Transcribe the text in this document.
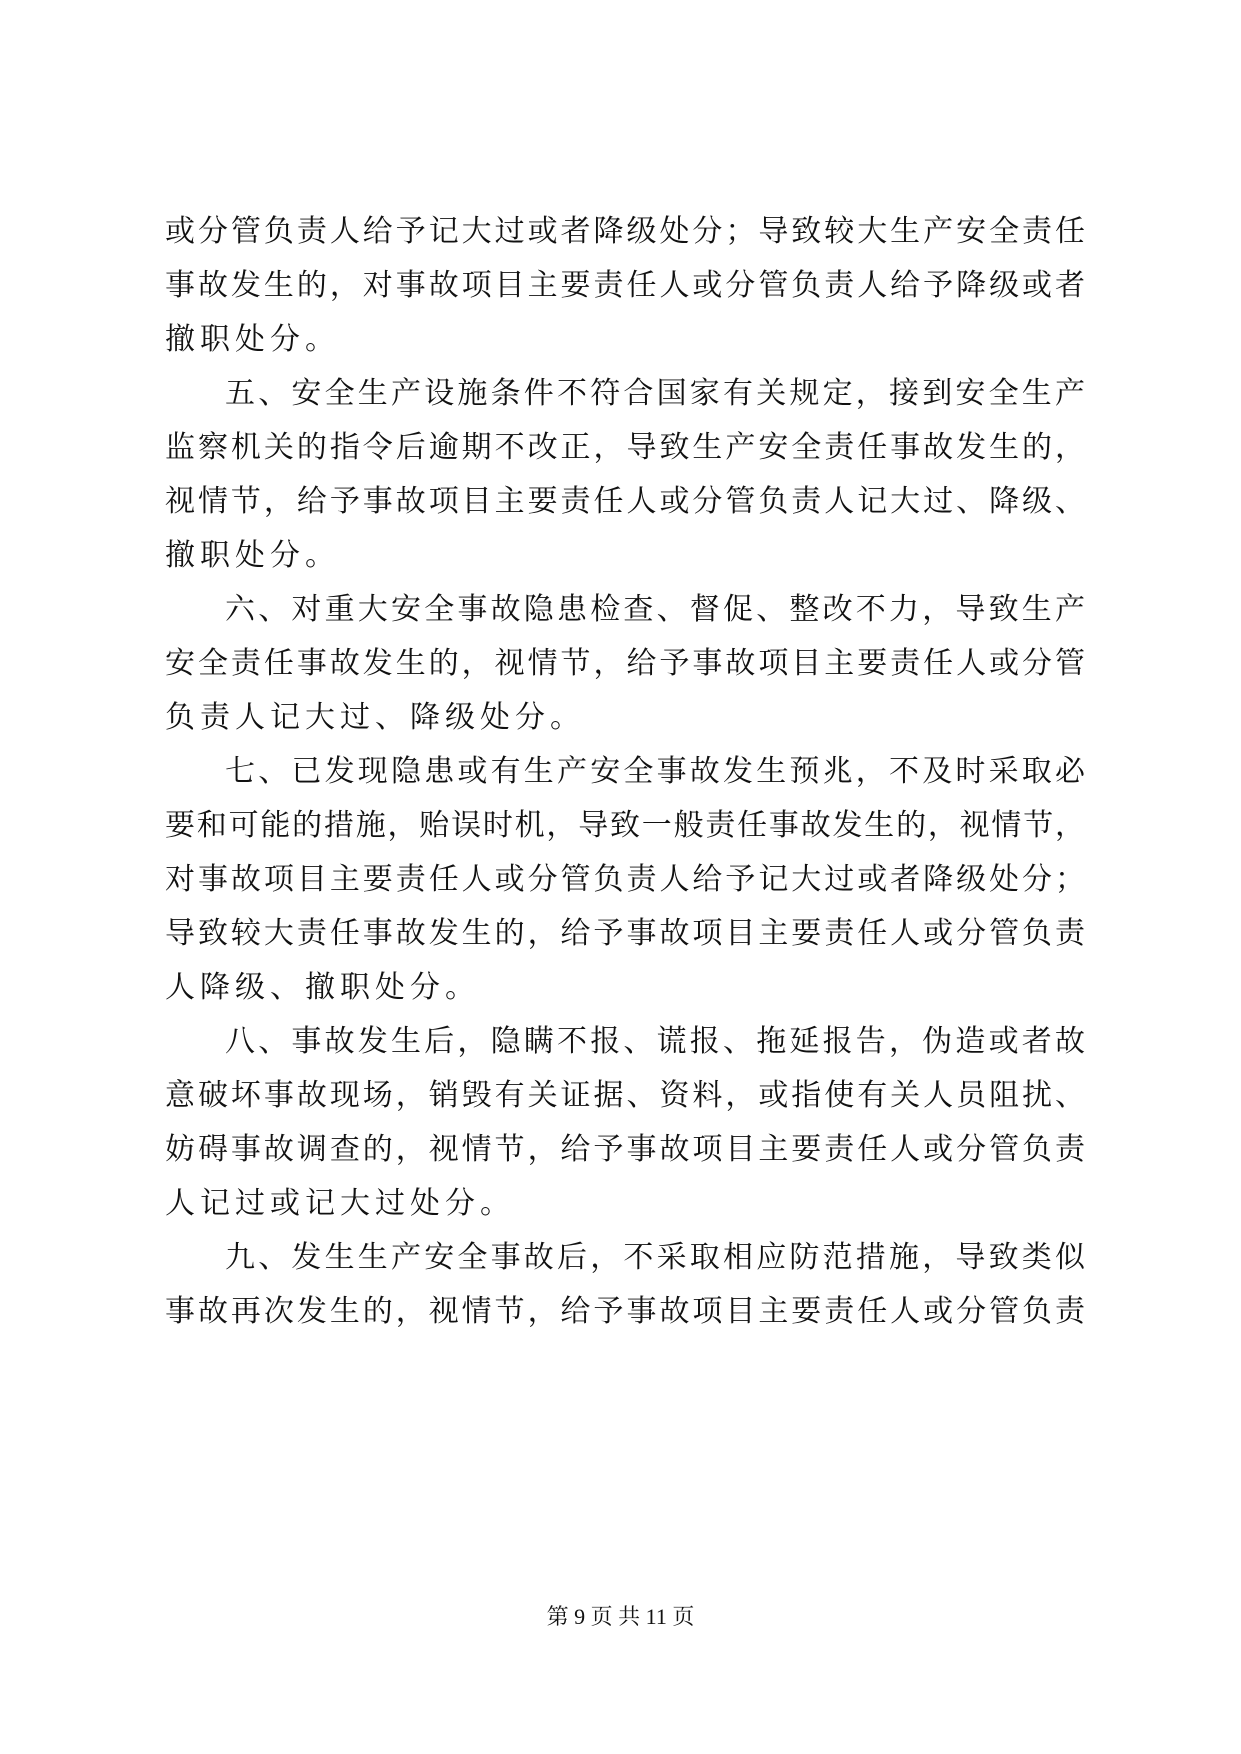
或分管负责人给予记大过或者降级处分；导致较大生产安全责任
事故发生的，对事故项目主要责任人或分管负责人给予降级或者
撤职处分。
五、安全生产设施条件不符合国家有关规定，接到安全生产
监察机关的指令后逾期不改正，导致生产安全责任事故发生的，
视情节，给予事故项目主要责任人或分管负责人记大过、降级、
撤职处分。
六、对重大安全事故隐患检查、督促、整改不力，导致生产
安全责任事故发生的，视情节，给予事故项目主要责任人或分管
负责人记大过、降级处分。
七、已发现隐患或有生产安全事故发生预兆，不及时采取必
要和可能的措施，贻误时机，导致一般责任事故发生的，视情节，
对事故项目主要责任人或分管负责人给予记大过或者降级处分；
导致较大责任事故发生的，给予事故项目主要责任人或分管负责
人降级、撤职处分。
八、事故发生后，隐瞒不报、谎报、拖延报告，伪造或者故
意破坏事故现场，销毁有关证据、资料，或指使有关人员阻扰、
妨碍事故调查的，视情节，给予事故项目主要责任人或分管负责
人记过或记大过处分。
九、发生生产安全事故后，不采取相应防范措施，导致类似
事故再次发生的，视情节，给予事故项目主要责任人或分管负责
第 9 页 共 11 页
